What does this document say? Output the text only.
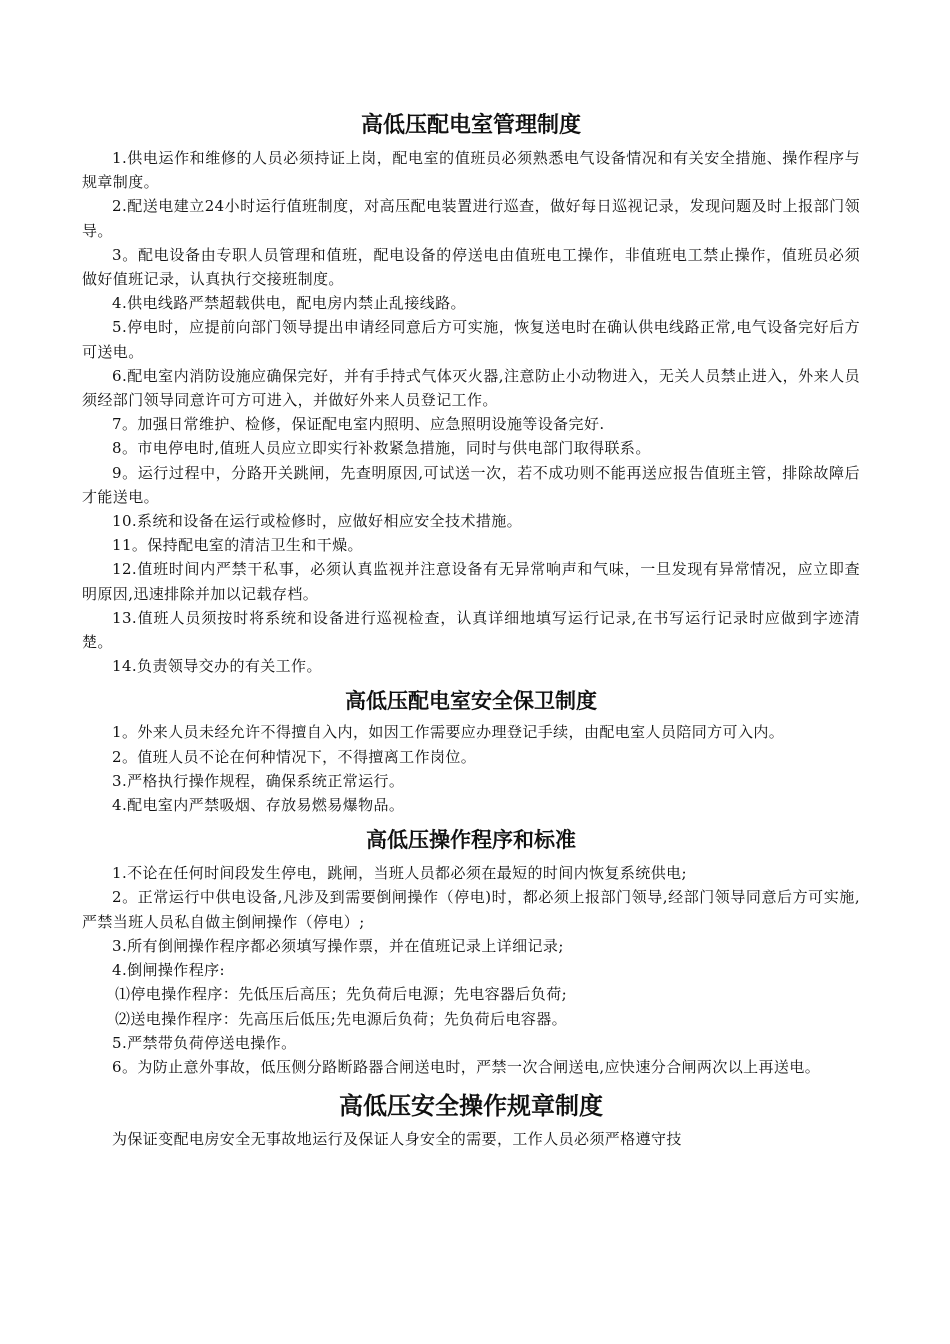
高低压配电室管理制度

1.供电运作和维修的人员必须持证上岗，配电室的值班员必须熟悉电气设备情况和有关安全措施、操作程序与规章制度。

2.配送电建立24小时运行值班制度，对高压配电装置进行巡查，做好每日巡视记录，发现问题及时上报部门领导。

3。配电设备由专职人员管理和值班，配电设备的停送电由值班电工操作，非值班电工禁止操作，值班员必须做好值班记录，认真执行交接班制度。

4.供电线路严禁超载供电，配电房内禁止乱接线路。

5.停电时，应提前向部门领导提出申请经同意后方可实施，恢复送电时在确认供电线路正常,电气设备完好后方可送电。

6.配电室内消防设施应确保完好，并有手持式气体灭火器,注意防止小动物进入，无关人员禁止进入，外来人员须经部门领导同意许可方可进入，并做好外来人员登记工作。

7。加强日常维护、检修，保证配电室内照明、应急照明设施等设备完好.

8。市电停电时,值班人员应立即实行补救紧急措施，同时与供电部门取得联系。

9。运行过程中，分路开关跳闸，先查明原因,可试送一次，若不成功则不能再送应报告值班主管，排除故障后才能送电。

10.系统和设备在运行或检修时，应做好相应安全技术措施。

11。保持配电室的清洁卫生和干燥。

12.值班时间内严禁干私事，必须认真监视并注意设备有无异常响声和气味，一旦发现有异常情况，应立即查明原因,迅速排除并加以记载存档。

13.值班人员须按时将系统和设备进行巡视检查，认真详细地填写运行记录,在书写运行记录时应做到字迹清楚。

14.负责领导交办的有关工作。

高低压配电室安全保卫制度

1。外来人员未经允许不得擅自入内，如因工作需要应办理登记手续，由配电室人员陪同方可入内。

2。值班人员不论在何种情况下，不得擅离工作岗位。

3.严格执行操作规程，确保系统正常运行。

4.配电室内严禁吸烟、存放易燃易爆物品。

高低压操作程序和标准

1.不论在任何时间段发生停电，跳闸，当班人员都必须在最短的时间内恢复系统供电;

2。正常运行中供电设备,凡涉及到需要倒闸操作（停电)时，都必须上报部门领导,经部门领导同意后方可实施,严禁当班人员私自做主倒闸操作（停电）;

3.所有倒闸操作程序都必须填写操作票，并在值班记录上详细记录;

4.倒闸操作程序:

⑴停电操作程序：先低压后高压；先负荷后电源；先电容器后负荷;

⑵送电操作程序：先高压后低压;先电源后负荷；先负荷后电容器。

5.严禁带负荷停送电操作。

6。为防止意外事故，低压侧分路断路器合闸送电时，严禁一次合闸送电,应快速分合闸两次以上再送电。

高低压安全操作规章制度

为保证变配电房安全无事故地运行及保证人身安全的需要，工作人员必须严格遵守技
